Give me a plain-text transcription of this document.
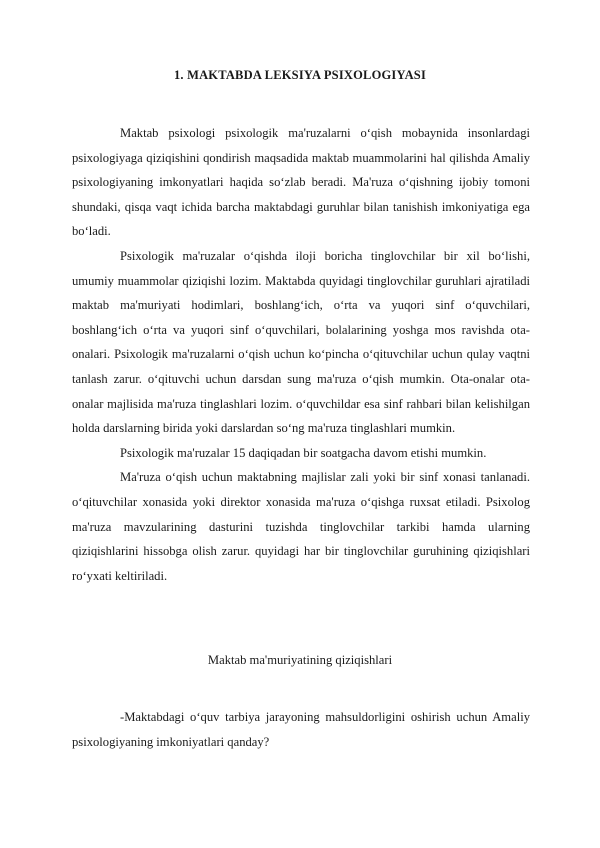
1. MAKTABDA LEKSIYA PSIXOLOGIYASI

Maktab psixologi psixologik ma'ruzalarni o‘qish mobaynida insonlardagi psixologiyaga qiziqishini qondirish maqsadida maktab muammolarini hal qilishda Amaliy psixologiyaning imkonyatlari haqida so‘zlab beradi. Ma'ruza o‘qishning ijobiy tomoni shundaki, qisqa vaqt ichida barcha maktabdagi guruhlar bilan tanishish imkoniyatiga ega bo‘ladi.

Psixologik ma'ruzalar o‘qishda iloji boricha tinglovchilar bir xil bo‘lishi, umumiy muammolar qiziqishi lozim. Maktabda quyidagi tinglovchilar guruhlari ajratiladi maktab ma'muriyati hodimlari, boshlang‘ich, o‘rta va yuqori sinf o‘quvchilari, boshlang‘ich o‘rta va yuqori sinf o‘quvchilari, bolalarining yoshga mos ravishda ota-onalari. Psixologik ma'ruzalarni o‘qish uchun ko‘pincha o‘qituvchilar uchun qulay vaqtni tanlash zarur. o‘qituvchi uchun darsdan sung ma'ruza o‘qish mumkin. Ota-onalar ota-onalar majlisida ma'ruza tinglashlari lozim. o‘quvchildar esa sinf rahbari bilan kelishilgan holda darslarning birida yoki darslardan so‘ng ma'ruza tinglashlari mumkin.

Psixologik ma'ruzalar 15 daqiqadan bir soatgacha davom etishi mumkin.

Ma'ruza o‘qish uchun maktabning majlislar zali yoki bir sinf xonasi tanlanadi. o‘qituvchilar xonasida yoki direktor xonasida ma'ruza o‘qishga ruxsat etiladi. Psixolog ma'ruza mavzularining dasturini tuzishda tinglovchilar tarkibi hamda ularning qiziqishlarini hissobga olish zarur. quyidagi har bir tinglovchilar guruhining qiziqishlari ro‘yxati keltiriladi.

Maktab ma'muriyatining qiziqishlari

-Maktabdagi o‘quv tarbiya jarayoning mahsuldorligini oshirish uchun Amaliy psixologiyaning imkoniyatlari qanday?
